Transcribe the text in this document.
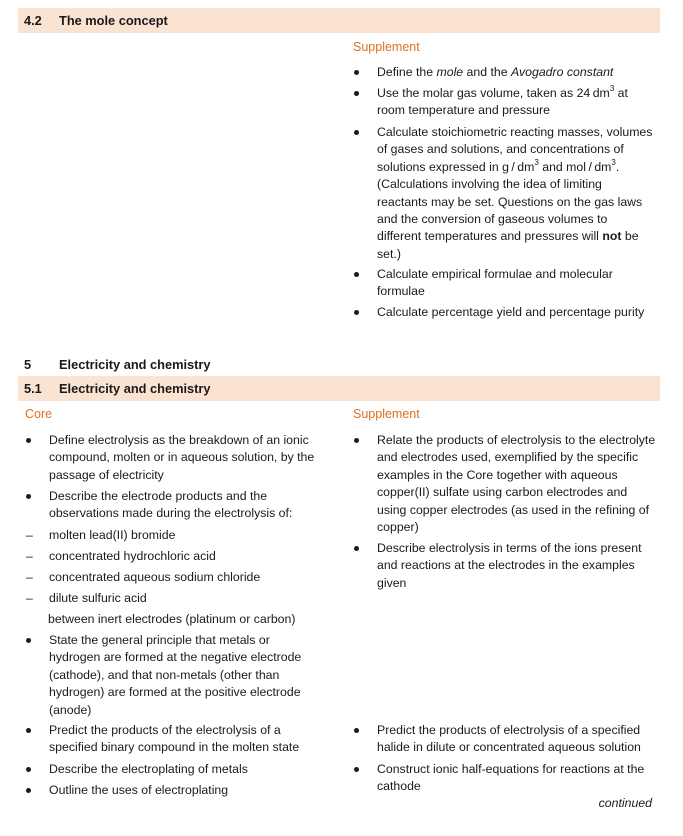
4.2 The mole concept
Supplement
Define the mole and the Avogadro constant
Use the molar gas volume, taken as 24 $dm^3$ at room temperature and pressure
Calculate stoichiometric reacting masses, volumes of gases and solutions, and concentrations of solutions expressed in g / $dm^3$ and mol / $dm^3$. (Calculations involving the idea of limiting reactants may be set. Questions on the gas laws and the conversion of gaseous volumes to different temperatures and pressures will not be set.)
Calculate empirical formulae and molecular formulae
Calculate percentage yield and percentage purity
5 Electricity and chemistry
5.1 Electricity and chemistry
Core	Supplement
Define electrolysis as the breakdown of an ionic compound, molten or in aqueous solution, by the passage of electricity
Describe the electrode products and the observations made during the electrolysis of:
– molten lead(II) bromide
– concentrated hydrochloric acid
– concentrated aqueous sodium chloride
– dilute sulfuric acid
between inert electrodes (platinum or carbon)
State the general principle that metals or hydrogen are formed at the negative electrode (cathode), and that non-metals (other than hydrogen) are formed at the positive electrode (anode)
Predict the products of the electrolysis of a specified binary compound in the molten state
Describe the electroplating of metals
Outline the uses of electroplating
Relate the products of electrolysis to the electrolyte and electrodes used, exemplified by the specific examples in the Core together with aqueous copper(II) sulfate using carbon electrodes and using copper electrodes (as used in the refining of copper)
Describe electrolysis in terms of the ions present and reactions at the electrodes in the examples given
Predict the products of electrolysis of a specified halide in dilute or concentrated aqueous solution
Construct ionic half-equations for reactions at the cathode
continued
